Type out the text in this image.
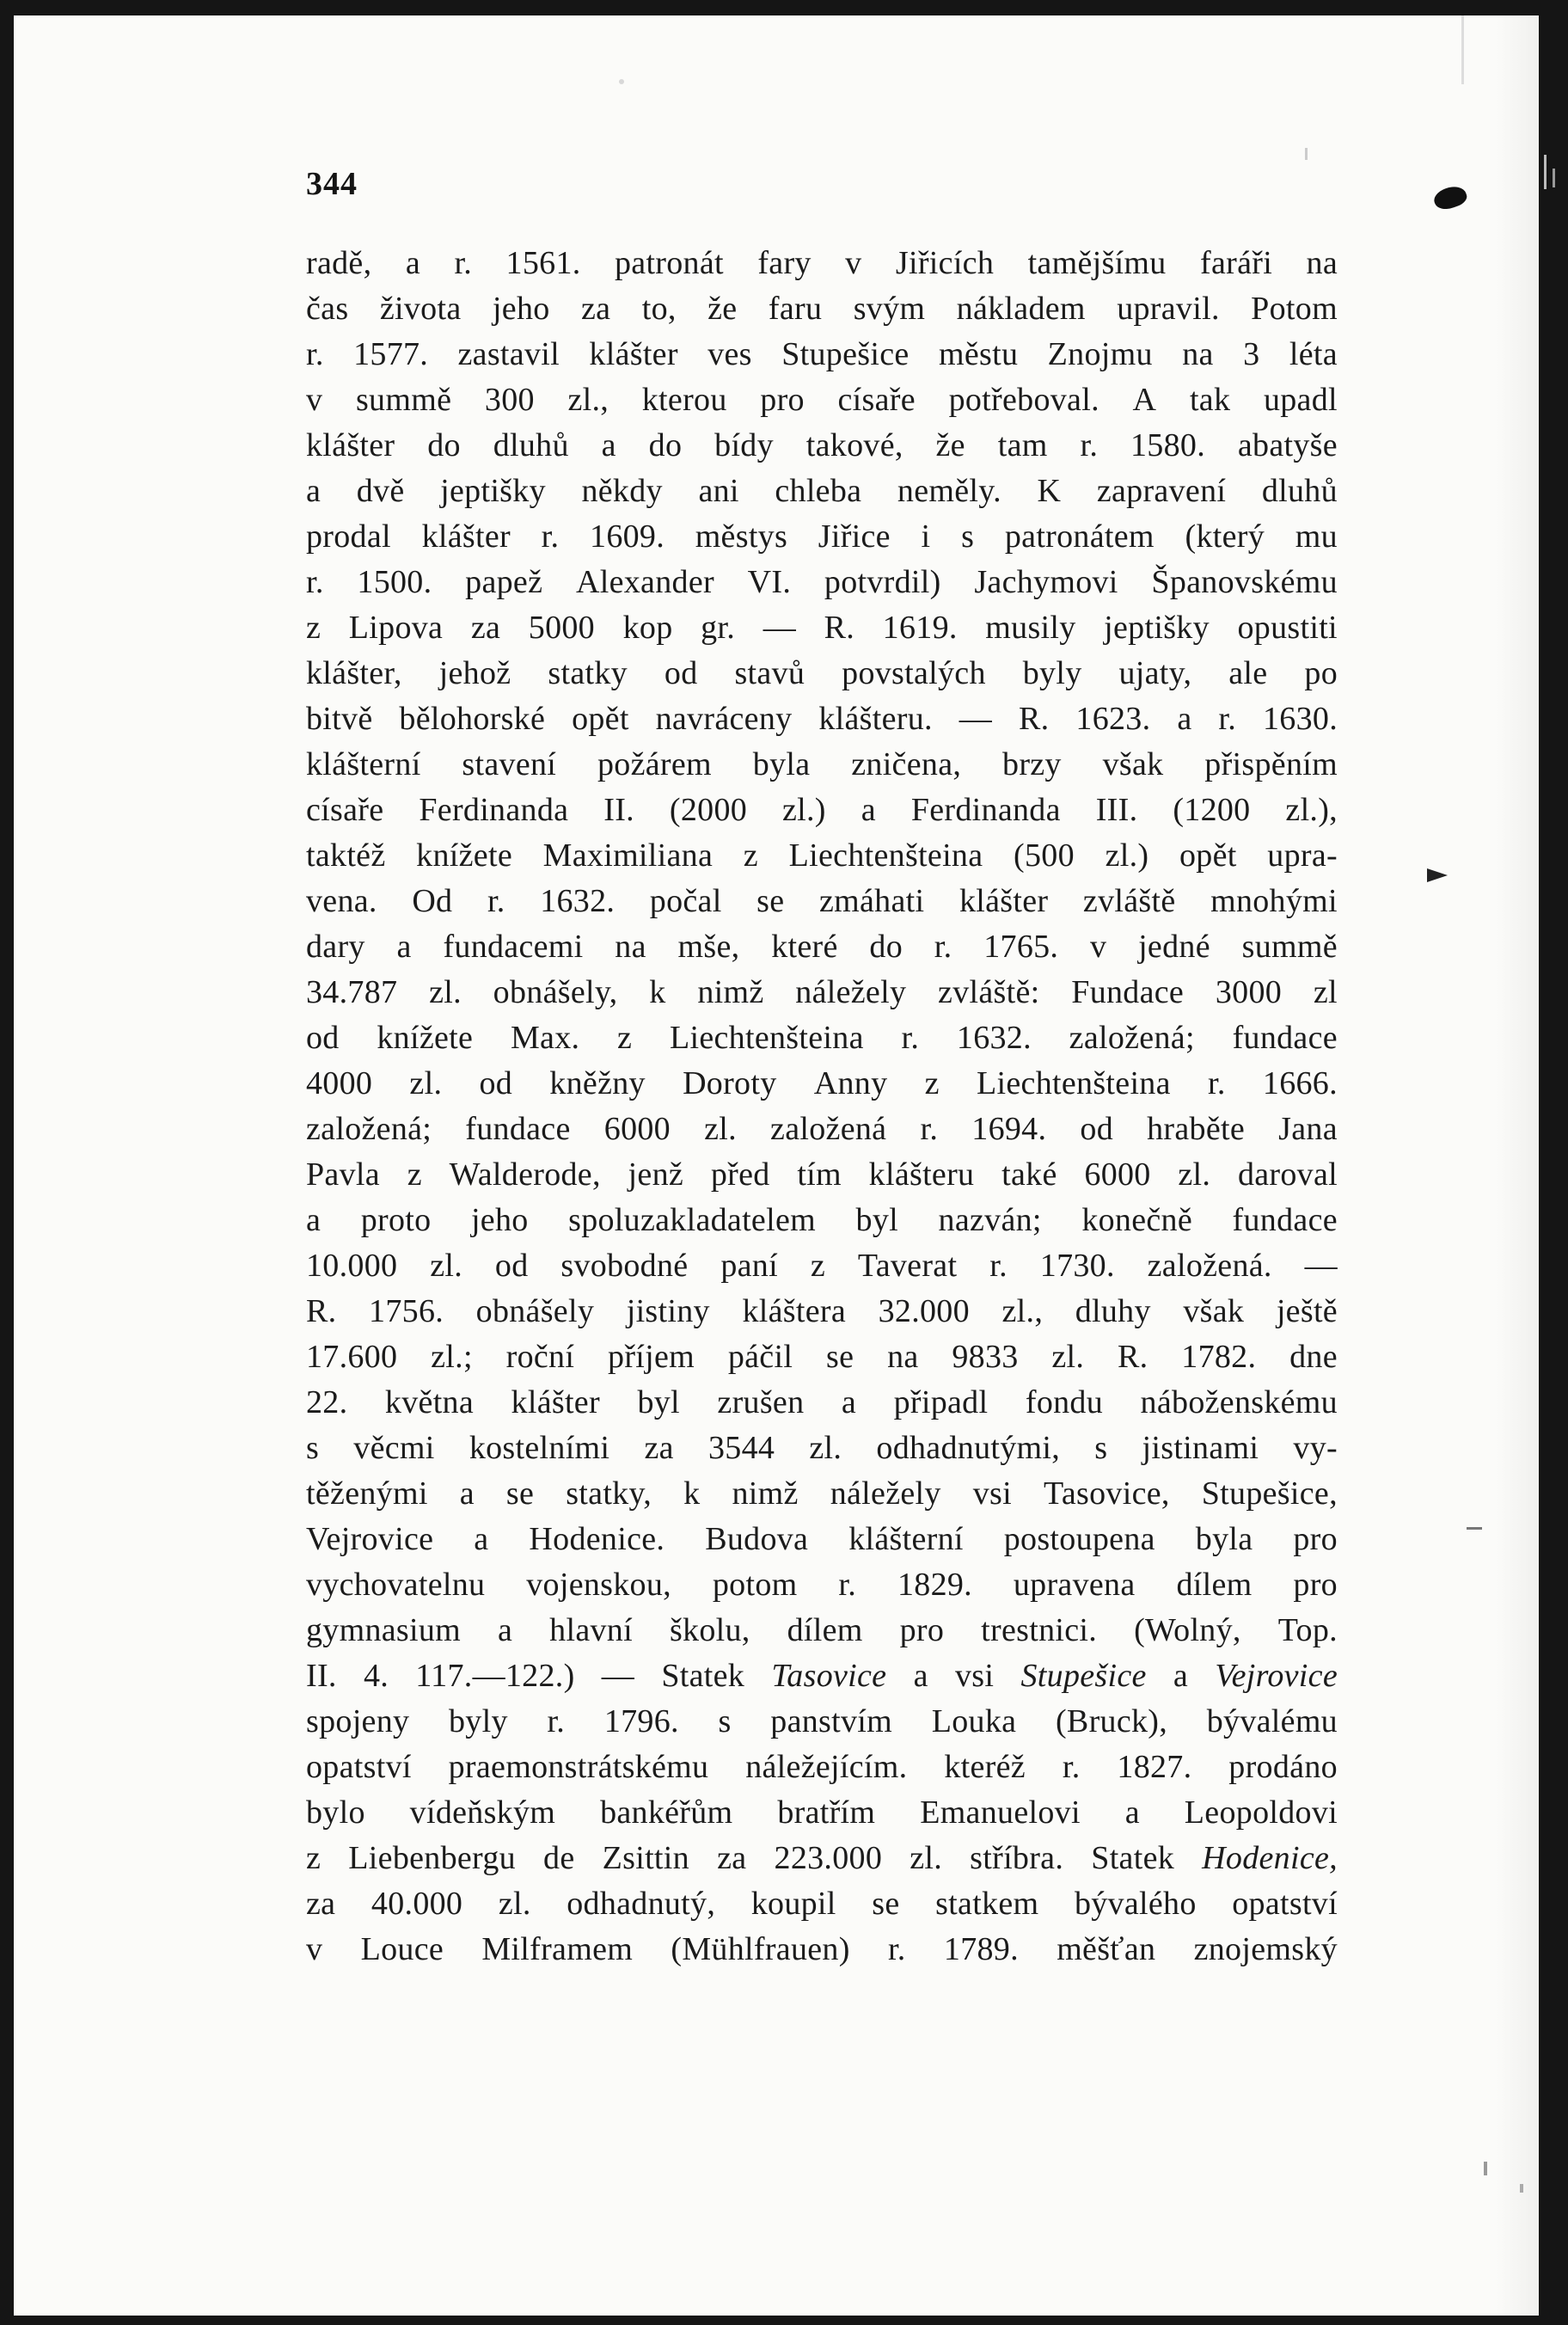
344
radě, a r. 1561. patronát fary v Jiřicích tamějšímu faráři na
čas života jeho za to, že faru svým nákladem upravil. Potom
r. 1577. zastavil klášter ves Stupešice městu Znojmu na 3 léta
v summě 300 zl., kterou pro císaře potřeboval. A tak upadl
klášter do dluhů a do bídy takové, že tam r. 1580. abatyše
a dvě jeptišky někdy ani chleba neměly. K zapravení dluhů
prodal klášter r. 1609. městys Jiřice i s patronátem (který mu
r. 1500. papež Alexander VI. potvrdil) Jachymovi Španovskému
z Lipova za 5000 kop gr. — R. 1619. musily jeptišky opustiti
klášter, jehož statky od stavů povstalých byly ujaty, ale po
bitvě bělohorské opět navráceny klášteru. — R. 1623. a r. 1630.
klášterní stavení požárem byla zničena, brzy však přispěním
císaře Ferdinanda II. (2000 zl.) a Ferdinanda III. (1200 zl.),
taktéž knížete Maximiliana z Liechtenšteina (500 zl.) opět upra-
vena. Od r. 1632. počal se zmáhati klášter zvláště mnohými
dary a fundacemi na mše, které do r. 1765. v jedné summě
34.787 zl. obnášely, k nimž náležely zvláště: Fundace 3000 zl
od knížete Max. z Liechtenšteina r. 1632. založená; fundace
4000 zl. od kněžny Doroty Anny z Liechtenšteina r. 1666.
založená; fundace 6000 zl. založená r. 1694. od hraběte Jana
Pavla z Walderode, jenž před tím klášteru také 6000 zl. daroval
a proto jeho spoluzakladatelem byl nazván; konečně fundace
10.000 zl. od svobodné paní z Taverat r. 1730. založená. —
R. 1756. obnášely jistiny kláštera 32.000 zl., dluhy však ještě
17.600 zl.; roční příjem páčil se na 9833 zl. R. 1782. dne
22. května klášter byl zrušen a připadl fondu náboženskému
s věcmi kostelními za 3544 zl. odhadnutými, s jistinami vy-
těženými a se statky, k nimž náležely vsi Tasovice, Stupešice,
Vejrovice a Hodenice. Budova klášterní postoupena byla pro
vychovatelnu vojenskou, potom r. 1829. upravena dílem pro
gymnasium a hlavní školu, dílem pro trestnici. (Wolný, Top.
II. 4. 117.—122.) — Statek Tasovice a vsi Stupešice a Vejrovice
spojeny byly r. 1796. s panstvím Louka (Bruck), bývalému
opatství praemonstrátskému náležejícím. kteréž r. 1827. prodáno
bylo vídeňským bankéřům bratřím Emanuelovi a Leopoldovi
z Liebenbergu de Zsittin za 223.000 zl. stříbra. Statek Hodenice,
za 40.000 zl. odhadnutý, koupil se statkem bývalého opatství
v Louce Milframem (Mühlfrauen) r. 1789. měšťan znojemský
